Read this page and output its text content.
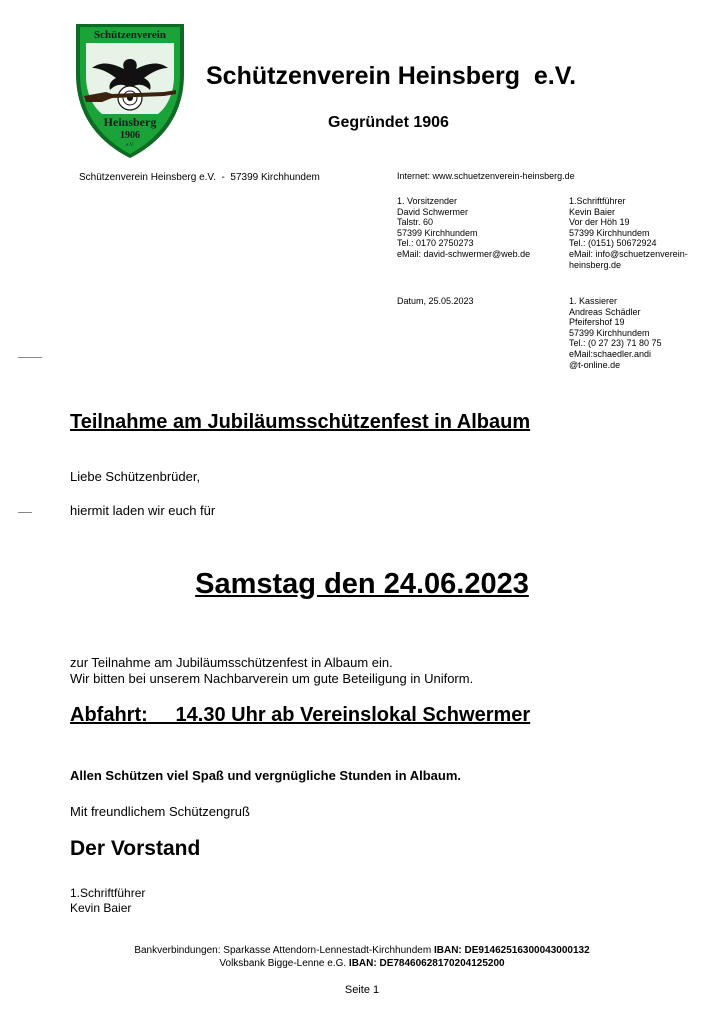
Schützenverein
Heinsberg
1906
e.V.
Schützenverein Heinsberg  e.V.
Gegründet 1906
Schützenverein Heinsberg e.V.  -  57399 Kirchhundem	Internet: www.schuetzenverein-heinsberg.de
1. Vorsitzender
David Schwermer
Talstr. 60
57399 Kirchhundem
Tel.: 0170 2750273
eMail: david-schwermer@web.de
1.Schriftführer
Kevin Baier
Vor der Höh 19
57399 Kirchhundem
Tel.: (0151) 50672924
eMail: info@schuetzenverein-
heinsberg.de
Datum, 25.05.2023	1. Kassierer
Andreas Schädler
Pfeifershof 19
57399 Kirchhundem
Tel.: (0 27 23) 71 80 75
eMail:schaedler.andi
@t-online.de
Teilnahme am Jubiläumsschützenfest in Albaum
Liebe Schützenbrüder,
hiermit laden wir euch für
Samstag den 24.06.2023
zur Teilnahme am Jubiläumsschützenfest in Albaum ein.
Wir bitten bei unserem Nachbarverein um gute Beteiligung in Uniform.
Abfahrt:     14.30 Uhr ab Vereinslokal Schwermer
Allen Schützen viel Spaß und vergnügliche Stunden in Albaum.
Mit freundlichem Schützengruß
Der Vorstand
1.Schriftführer
Kevin Baier
Bankverbindungen: Sparkasse Attendorn-Lennestadt-Kirchhundem IBAN: DE91462516300043000132
Volksbank Bigge-Lenne e.G. IBAN: DE78460628170204125200
Seite 1
